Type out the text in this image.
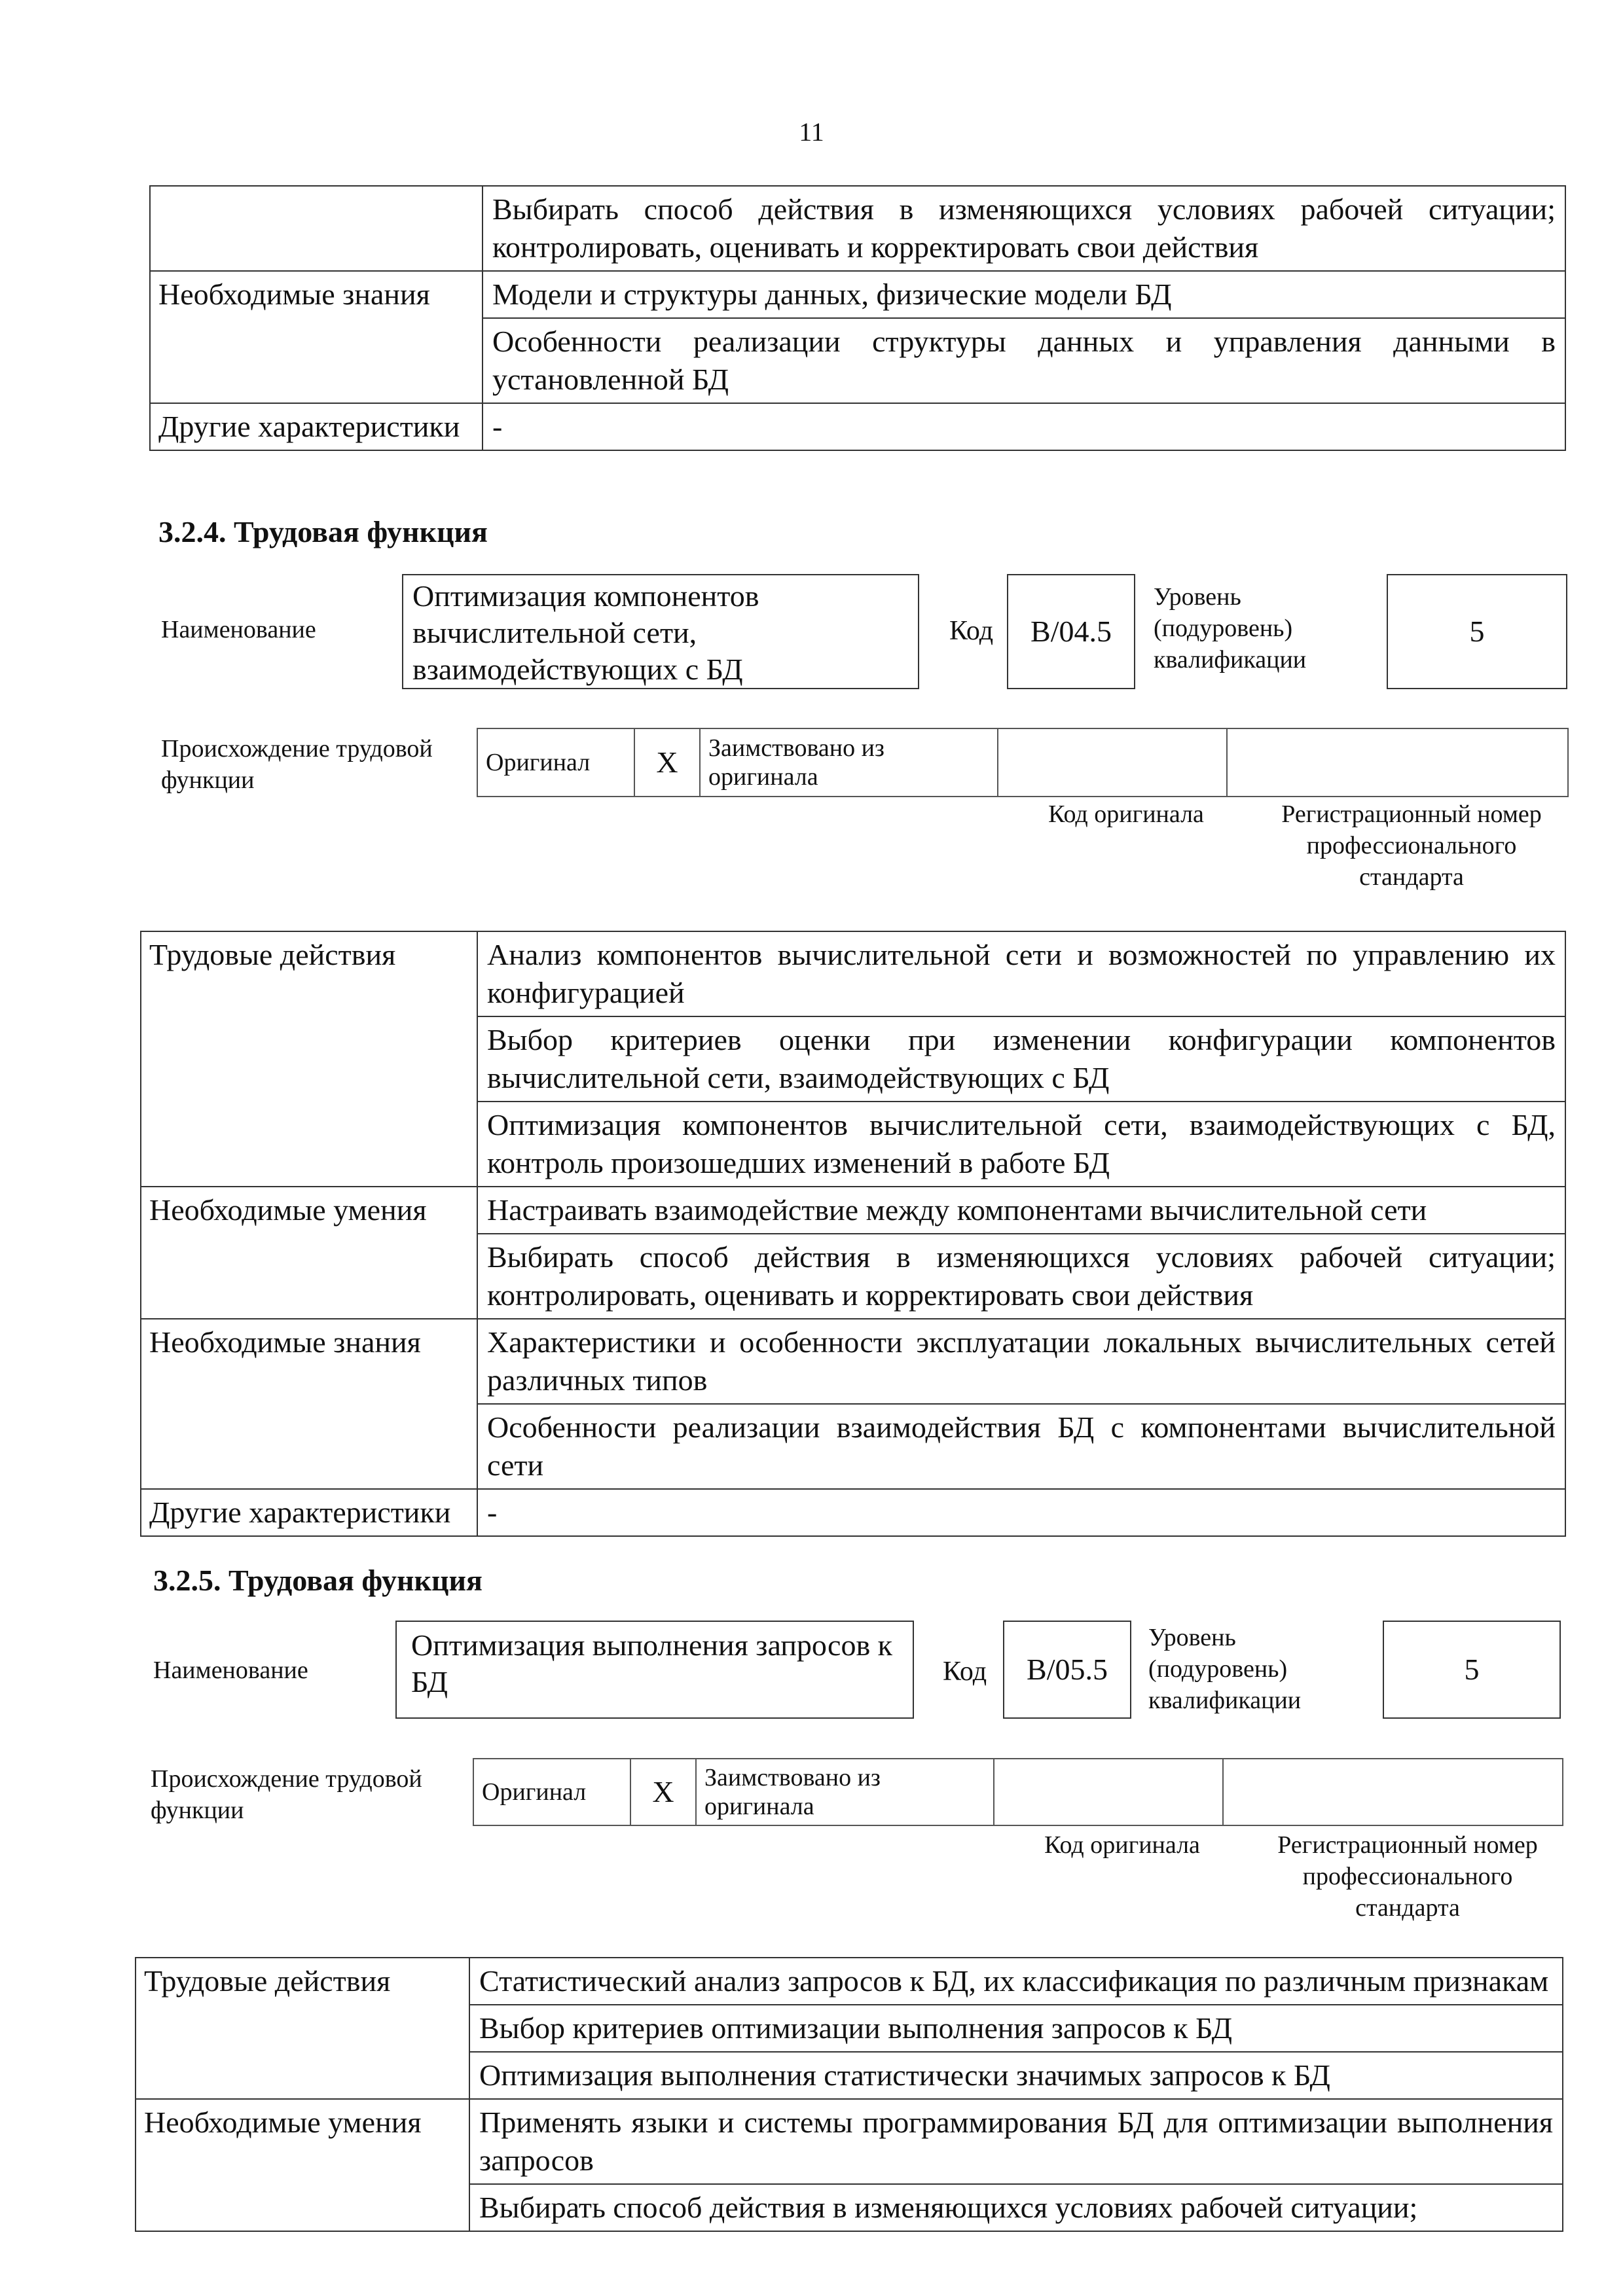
11
	Выбирать способ действия в изменяющихся условиях рабочей ситуации; контролировать, оценивать и корректировать свои действия
Необходимые знания	Модели и структуры данных, физические модели БД
	Особенности реализации структуры данных и управления данными в установленной БД
Другие характеристики	-
3.2.4. Трудовая функция
Наименование
Оптимизация компонентов вычислительной сети, взаимодействующих с БД
Код В/04.5
Уровень (подуровень) квалификации
5
Происхождение трудовой функции
Оригинал	X	Заимствовано из оригинала		
Код оригинала	Регистрационный номер профессионального стандарта
Трудовые действия	Анализ компонентов вычислительной сети и возможностей по управлению их конфигурацией
	Выбор критериев оценки при изменении конфигурации компонентов вычислительной сети, взаимодействующих с БД
	Оптимизация компонентов вычислительной сети, взаимодействующих с БД, контроль произошедших изменений в работе БД
Необходимые умения	Настраивать взаимодействие между компонентами вычислительной сети
	Выбирать способ действия в изменяющихся условиях рабочей ситуации; контролировать, оценивать и корректировать свои действия
Необходимые знания	Характеристики и особенности эксплуатации локальных вычислительных сетей различных типов
	Особенности реализации взаимодействия БД с компонентами вычислительной сети
Другие характеристики	-
3.2.5. Трудовая функция
Наименование
Оптимизация выполнения запросов к БД	Код В/05.5
Уровень (подуровень) квалификации
5
Происхождение трудовой функции
Оригинал	X	Заимствовано из оригинала		
Код оригинала	Регистрационный номер профессионального стандарта
Трудовые действия	Статистический анализ запросов к БД, их классификация по различным признакам
	Выбор критериев оптимизации выполнения запросов к БД
	Оптимизация выполнения статистически значимых запросов к БД
Необходимые умения	Применять языки и системы программирования БД для оптимизации выполнения запросов
	Выбирать способ действия в изменяющихся условиях рабочей ситуации;
